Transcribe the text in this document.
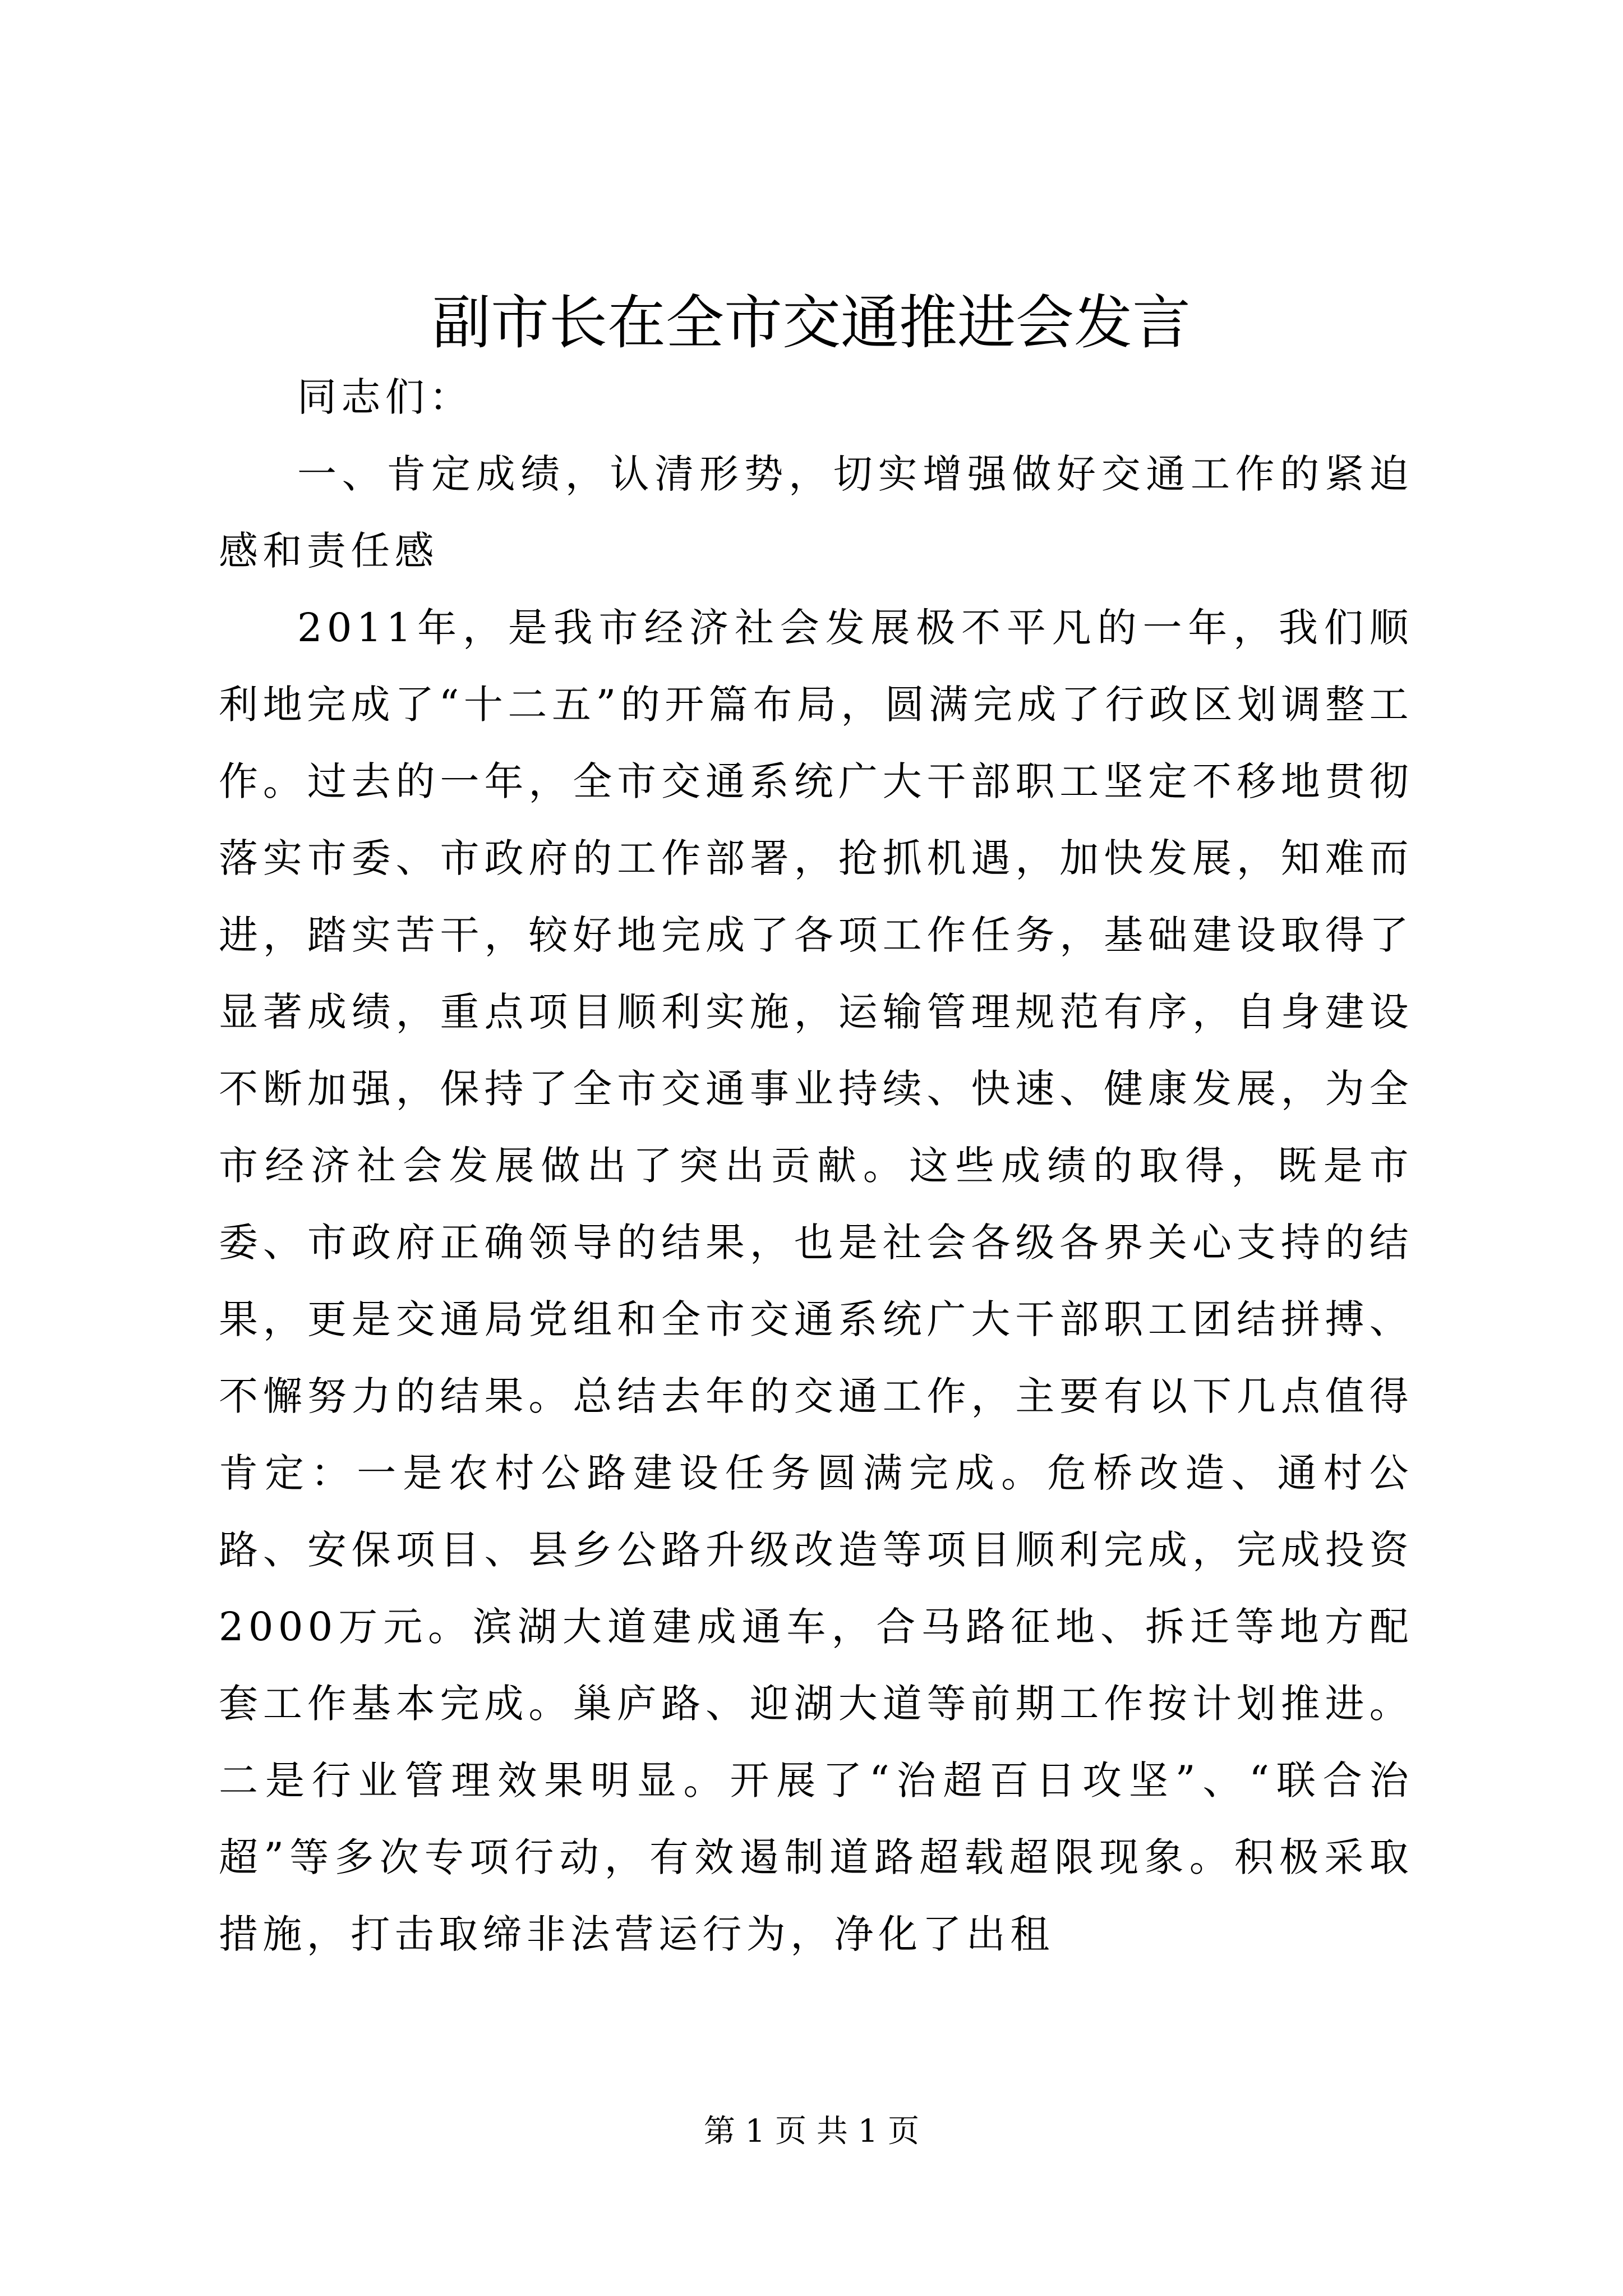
副市长在全市交通推进会发言

同志们：

一、肯定成绩，认清形势，切实增强做好交通工作的紧迫感和责任感

2011年，是我市经济社会发展极不平凡的一年，我们顺利地完成了“十二五”的开篇布局，圆满完成了行政区划调整工作。过去的一年，全市交通系统广大干部职工坚定不移地贯彻落实市委、市政府的工作部署，抢抓机遇，加快发展，知难而进，踏实苦干，较好地完成了各项工作任务，基础建设取得了显著成绩，重点项目顺利实施，运输管理规范有序，自身建设不断加强，保持了全市交通事业持续、快速、健康发展，为全市经济社会发展做出了突出贡献。这些成绩的取得，既是市委、市政府正确领导的结果，也是社会各级各界关心支持的结果，更是交通局党组和全市交通系统广大干部职工团结拼搏、不懈努力的结果。总结去年的交通工作，主要有以下几点值得肯定：一是农村公路建设任务圆满完成。危桥改造、通村公路、安保项目、县乡公路升级改造等项目顺利完成，完成投资2000万元。滨湖大道建成通车，合马路征地、拆迁等地方配套工作基本完成。巢庐路、迎湖大道等前期工作按计划推进。二是行业管理效果明显。开展了“治超百日攻坚”、“联合治超”等多次专项行动，有效遏制道路超载超限现象。积极采取措施，打击取缔非法营运行为，净化了出租

第 1 页 共 1 页
